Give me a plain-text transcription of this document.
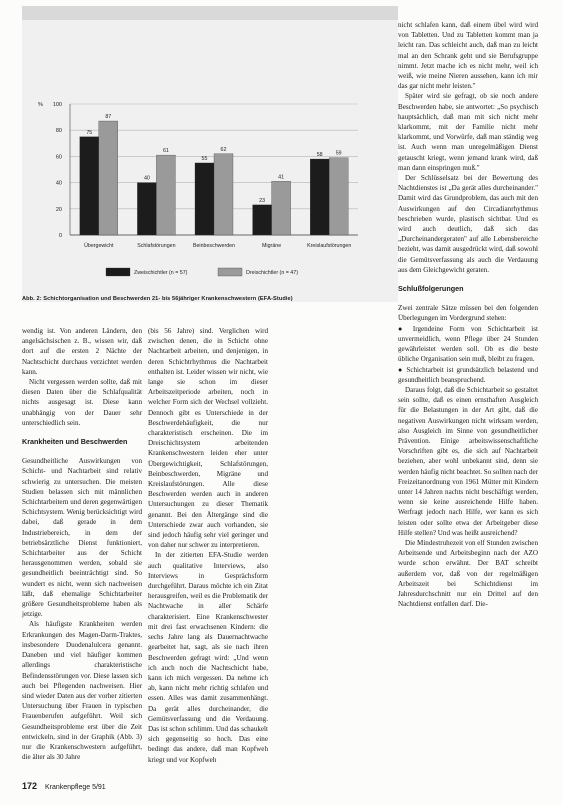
0
20
40
60
80
100
%
75
87
Übergewicht
40
61
Schlafstörungen
55
62
Beinbeschwerden
23
41
Migräne
58 59
Kreislaufstörungen
Zweischichtler (n = 57)	Dreischichtler (n = 47)
Abb. 2: Schichtorganisation und Beschwerden 21- bis 56jähriger Krankenschwestern (EFA-Studie)

wendig ist. Von anderen Ländern, den angelsächsischen z. B., wissen wir, daß dort auf die ersten 2 Nächte der Nachtschicht durchaus verzichtet werden kann.

Nicht vergessen werden sollte, daß mit diesen Daten über die Schlafqualität nichts ausgesagt ist. Diese kann unabhängig von der Dauer sehr unterschiedlich sein.

Krankheiten und Beschwerden

Gesundheitliche Auswirkungen von Schicht- und Nachtarbeit sind relativ schwierig zu untersuchen. Die meisten Studien belassen sich mit männlichen Schichtarbeitern und deren gegenwärtigen Schichtsystem. Wenig berücksichtigt wird dabei, daß gerade in dem Industriebereich, in dem der betriebsärztliche Dienst funktioniert, Schichtarbeiter aus der Schicht herausgenommen werden, sobald sie gesundheitlich beeinträchtigt sind. So wundert es nicht, wenn sich nachweisen läßt, daß ehemalige Schichtarbeiter größere Gesundheitsprobleme haben als jetzige.

Als häufigste Krankheiten werden Erkrankungen des Magen-Darm-Traktes, insbesondere Duodenalulcera genannt. Daneben und viel häufiger kommen allerdings charakteristische Befindensstörungen vor. Diese lassen sich auch bei Pflegenden nachweisen. Hier sind wieder Daten aus der vorher zitierten Untersuchung über Frauen in typischen Frauenberufen aufgeführt. Weil sich Gesundheitsprobleme erst über die Zeit entwickeln, sind in der Graphik (Abb. 3) nur die Krankenschwestern aufgeführt, die älter als 30 Jahre

(bis 56 Jahre) sind. Verglichen wird zwischen denen, die in Schicht ohne Nachtarbeit arbeiten, und denjenigen, in deren Schichtrhythmus die Nachtarbeit enthalten ist. Leider wissen wir nicht, wie lange sie schon im dieser Arbeitszeitperiode arbeiten, noch in welcher Form sich der Wechsel vollzieht. Dennoch gibt es Unterschiede in der Beschwerdehäufigkeit, die nur charakteristisch erscheinen. Die im Dreischichtsystem arbeitenden Krankenschwestern leiden eher unter Übergewichtigkeit, Schlafstörungen, Beinbeschwerden, Migräne und Kreislaufstörungen. Alle diese Beschwerden werden auch in anderen Untersuchungen zu dieser Thematik genannt. Bei den Ältergänge sind die Unterschiede zwar auch vorhanden, sie sind jedoch häufig sehr viel geringer und von daher nur schwer zu interpretieren.

In der zitierten EFA-Studie werden auch qualitative Interviews, also Interviews in Gesprächsform durchgeführt. Daraus möchte ich ein Zitat herausgreifen, weil es die Problematik der Nachtwache in aller Schärfe charakterisiert. Eine Krankenschwester mit drei fast erwachsenen Kindern: die sechs Jahre lang als Dauernachtwache gearbeitet hat, sagt, als sie nach ihren Beschwerden gefragt wird: „Und wenn ich auch noch die Nachtschicht habe, kann ich mich vergessen. Da nehme ich ab, kann nicht mehr richtig schlafen und essen. Alles was damit zusammenhängt. Da gerät alles durcheinander, die Gemütsverfassung und die Verdauung. Das ist schon schlimm. Und das schaukelt sich gegenseitig so hoch. Das eine bedingt das andere, daß man Kopfweh kriegt und vor Kopfweh

nicht schlafen kann, daß einem übel wird wird von Tabletten. Und zu Tabletten kommt man ja leicht ran. Das schleicht auch, daß man zu leicht mal an den Schrank geht und sie Berufsgruppe nimmt. Jetzt mache ich es nicht mehr, weil ich weiß, wie meine Nieren aussehen, kann ich mir das gar nicht mehr leisten."

Später wird sie gefragt, ob sie noch andere Beschwerden habe, sie antwortet: „So psychisch hauptsächlich, daß man mit sich nicht mehr klarkommt, mit der Familie nicht mehr klarkommt, und Vorwürfe, daß man ständig weg ist. Auch wenn man unregelmäßigen Dienst getauscht kriegt, wenn jemand krank wird, daß man dann einspringen muß."

Der Schlüsselsatz bei der Bewertung des Nachtdienstes ist „Da gerät alles durcheinander." Damit wird das Grundproblem, das auch mit den Auswirkungen auf den Circadianrhythmus beschrieben wurde, plastisch sichtbar. Und es wird auch deutlich, daß sich das „Durcheinandergeraten" auf alle Lebensbereiche bezieht, was damit ausgedrückt wird, daß sowohl die Gemütsverfassung als auch die Verdauung aus dem Gleichgewicht geraten.

Schlußfolgerungen

Zwei zentrale Sätze müssen bei den folgenden Überlegungen im Vordergrund stehen:

● Irgendeine Form von Schichtarbeit ist unvermeidlich, wenn Pflege über 24 Stunden gewährleistet werden soll. Ob es die beste übliche Organisation sein muß, bleibt zu fragen.

● Schichtarbeit ist grundsätzlich belastend und gesundheitlich beanspruchend.

Daraus folgt, daß die Schichtarbeit so gestaltet sein sollte, daß es einen ernsthaften Ausgleich für die Belastungen in der Art gibt, daß die negativen Auswirkungen nicht wirksam werden, also Ausgleich im Sinne von gesundheitlicher Prävention. Einige arbeitswissenschaftliche Vorschriften gibt es, die sich auf Nachtarbeit beziehen, aber wohl unbekannt sind, denn sie werden häufig nicht beachtet. So sollten nach der Freizeitanordnung von 1961 Mütter mit Kindern unter 14 Jahren nachts nicht beschäftigt werden, wenn sie keine ausreichende Hilfe haben. Werfragt jedoch nach Hilfe, wer kann es sich leisten oder sollte etwa der Arbeitgeber diese Hilfe stellen? Und was heißt ausreichend?

Die Mindestruhezeit von elf Stunden zwischen Arbeitsende und Arbeitsbeginn nach der AZO wurde schon erwähnt. Der BAT schreibt außerdem vor, daß von der regelmäßigen Arbeitszeit bei Schichtdienst im Jahresdurchschnitt nur ein Drittel auf den Nachtdienst entfallen darf. Die-

172 Krankenpflege 5/91
